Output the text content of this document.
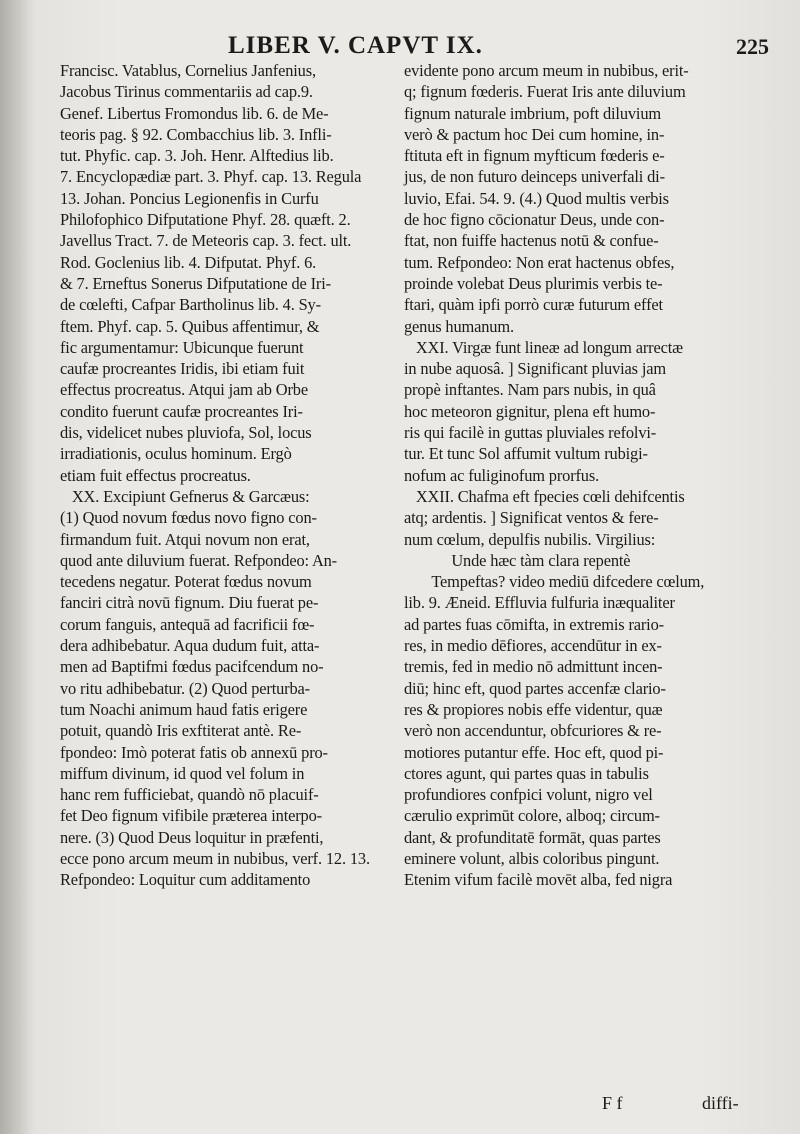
LIBER V. CAPVT IX.	225
Francisc. Vatablus, Cornelius Janfenius,
Jacobus Tirinus commentariis ad cap.9.
Genef. Libertus Fromondus lib. 6. de Me-
teoris pag. § 92. Combacchius lib. 3. Infli-
tut. Phyfic. cap. 3. Joh. Henr. Alftedius lib.
7. Encyclopædiæ part. 3. Phyf. cap. 13. Regula
13. Johan. Poncius Legionenfis in Curfu
Philofophico Difputatione Phyf. 28. quæft. 2.
Javellus Tract. 7. de Meteoris cap. 3. fect. ult.
Rod. Goclenius lib. 4. Difputat. Phyf. 6.
& 7. Erneftus Sonerus Difputatione de Iri-
de cœlefti, Cafpar Bartholinus lib. 4. Sy-
ftem. Phyf. cap. 5. Quibus affentimur, &
fic argumentamur: Ubicunque fuerunt
caufæ procreantes Iridis, ibi etiam fuit
effectus procreatus. Atqui jam ab Orbe
condito fuerunt caufæ procreantes Iri-
dis, videlicet nubes pluviofa, Sol, locus
irradiationis, oculus hominum. Ergò
etiam fuit effectus procreatus.
XX. Excipiunt Gefnerus & Garcæus:
(1) Quod novum fœdus novo figno con-
firmandum fuit. Atqui novum non erat,
quod ante diluvium fuerat. Refpondeo: An-
tecedens negatur. Poterat fœdus novum
fanciri citrà novū fignum. Diu fuerat pe-
corum fanguis, antequā ad facrificii fœ-
dera adhibebatur. Aqua dudum fuit, atta-
men ad Baptifmi fœdus pacifcendum no-
vo ritu adhibebatur. (2) Quod perturba-
tum Noachi animum haud fatis erigere
potuit, quandò Iris exftiterat antè. Re-
fpondeo: Imò poterat fatis ob annexū pro-
miffum divinum, id quod vel folum in
hanc rem fufficiebat, quandò nō placuif-
fet Deo fignum vifibile præterea interpo-
nere. (3) Quod Deus loquitur in præfenti,
ecce pono arcum meum in nubibus, verf. 12. 13.
Refpondeo: Loquitur cum additamento
evidente pono arcum meum in nubibus, erit-
q; fignum fœderis. Fuerat Iris ante diluvium
fignum naturale imbrium, poft diluvium
verò & pactum hoc Dei cum homine, in-
ftituta eft in fignum myfticum fœderis e-
jus, de non futuro deinceps univerfali di-
luvio, Efai. 54. 9. (4.) Quod multis verbis
de hoc figno cōcionatur Deus, unde con-
ftat, non fuiffe hactenus notū & confue-
tum. Refpondeo: Non erat hactenus obfes,
proinde volebat Deus plurimis verbis te-
ftari, quàm ipfi porrò curæ futurum effet
genus humanum.
XXI. Virgæ funt lineæ ad longum arrectæ
in nube aquosâ. ] Significant pluvias jam
propè inftantes. Nam pars nubis, in quâ
hoc meteoron gignitur, plena eft humo-
ris qui facilè in guttas pluviales refolvi-
tur. Et tunc Sol affumit vultum rubigi-
nofum ac fuliginofum prorfus.
XXII. Chafma eft fpecies cœli dehifcentis
atq; ardentis. ] Significat ventos & fere-
num cœlum, depulfis nubilis. Virgilius:
Unde hæc tàm clara repentè
Tempeftas? video mediū difcedere cœlum,
lib. 9. Æneid. Effluvia fulfuria inæqualiter
ad partes fuas cōmifta, in extremis rario-
res, in medio dēfiores, accendūtur in ex-
tremis, fed in medio nō admittunt incen-
diū; hinc eft, quod partes accenfæ clario-
res & propiores nobis effe videntur, quæ
verò non accenduntur, obfcuriores & re-
motiores putantur effe. Hoc eft, quod pi-
ctores agunt, qui partes quas in tabulis
profundiores confpici volunt, nigro vel
cærulio exprimūt colore, alboq; circum-
dant, & profunditatē formāt, quas partes
eminere volunt, albis coloribus pingunt.
Etenim vifum facilè movēt alba, fed nigra
F f	diffi-
